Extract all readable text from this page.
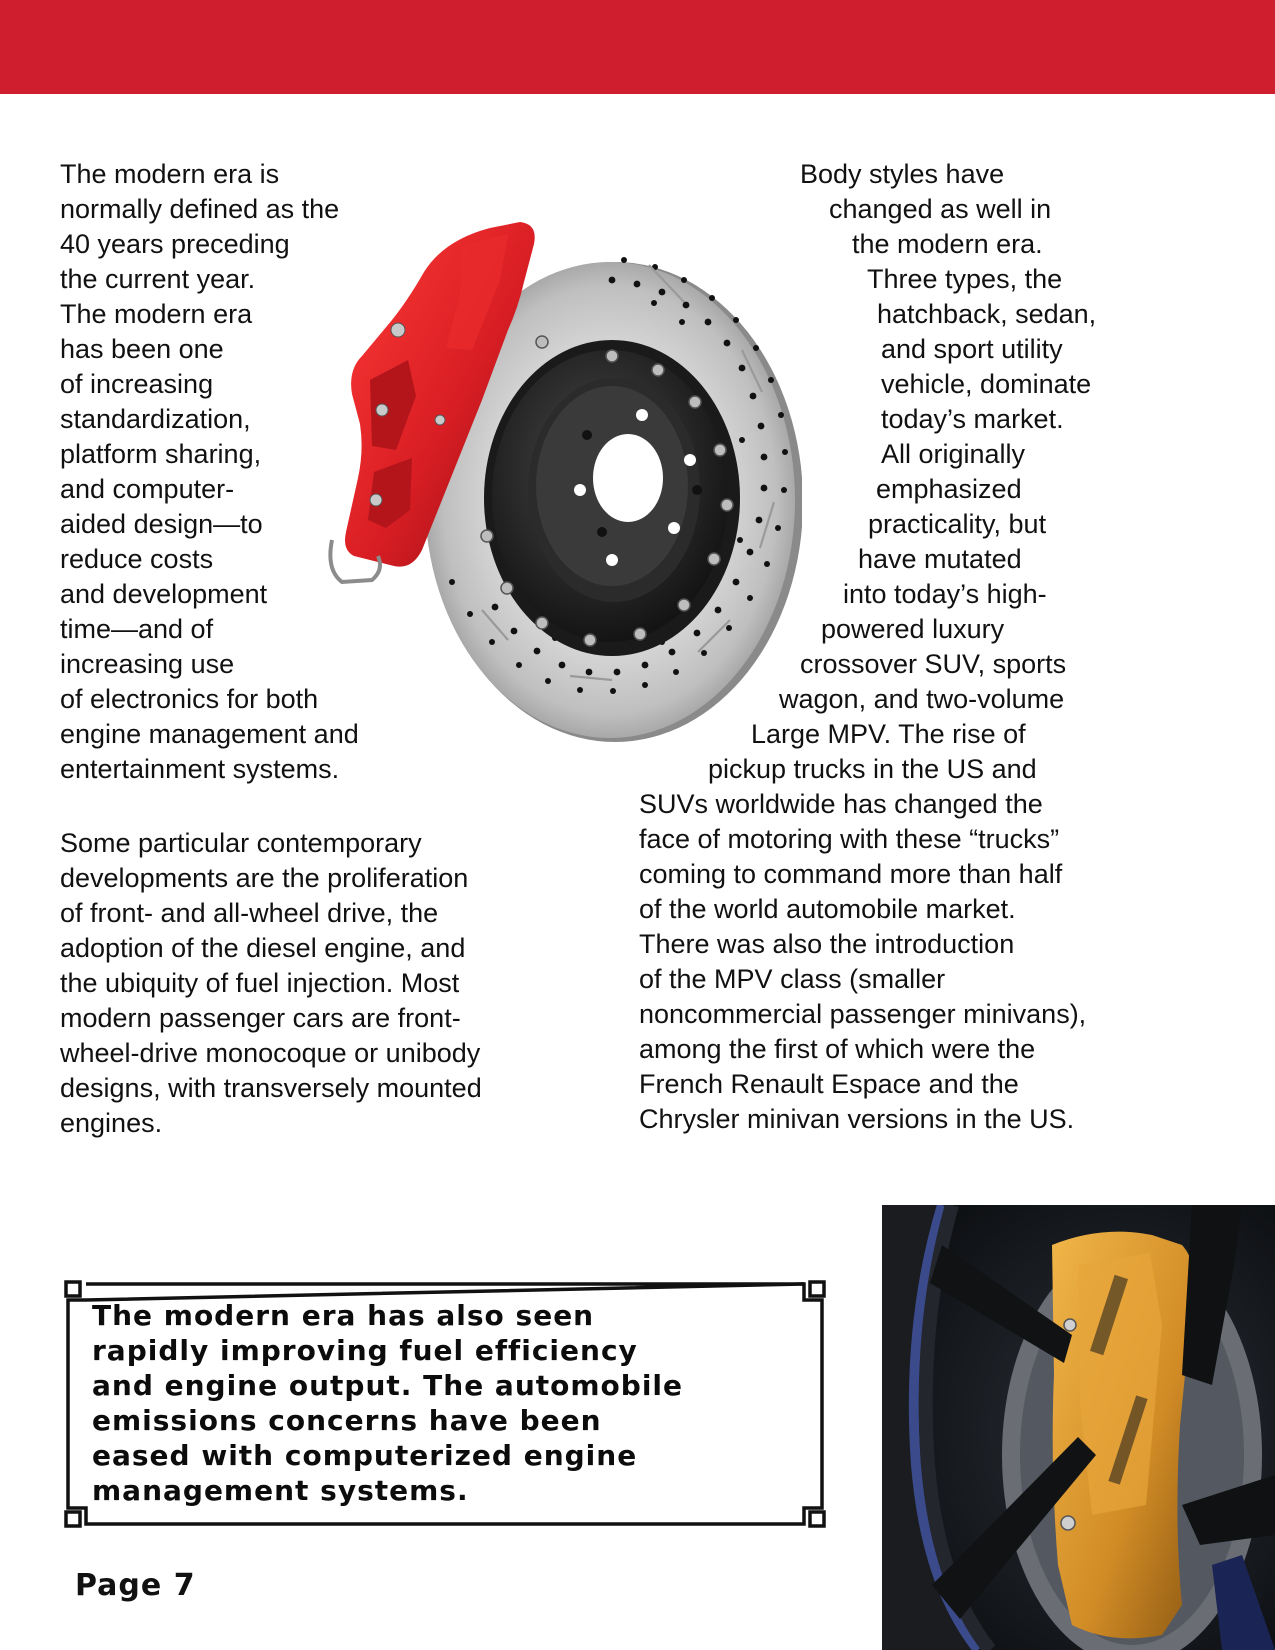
The modern era is
normally defined as the
40 years preceding
the current year.
The modern era
has been one
of increasing
standardization,
platform sharing,
and computer-
aided design—to
reduce costs
and development
time—and of
increasing use
of electronics for both
engine management and
entertainment systems.
Some particular contemporary
developments are the proliferation
of front- and all-wheel drive, the
adoption of the diesel engine, and
the ubiquity of fuel injection. Most
modern passenger cars are front-
wheel-drive monocoque or unibody
designs, with transversely mounted
engines.
Body styles have
changed as well in
the modern era.
Three types, the
hatchback, sedan,
and sport utility
vehicle, dominate
today’s market.
All originally
emphasized
practicality, but
have mutated
into today’s high-
powered luxury
crossover SUV, sports
wagon, and two-volume
Large MPV. The rise of
pickup trucks in the US and
SUVs worldwide has changed the
face of motoring with these “trucks”
coming to command more than half
of the world automobile market.
There was also the introduction
of the MPV class (smaller
noncommercial passenger minivans),
among the first of which were the
French Renault Espace and the
Chrysler minivan versions in the US.
The modern era has also seen
rapidly improving fuel efficiency
and engine output. The automobile
emissions concerns have been
eased with computerized engine
management systems.
Page 7
